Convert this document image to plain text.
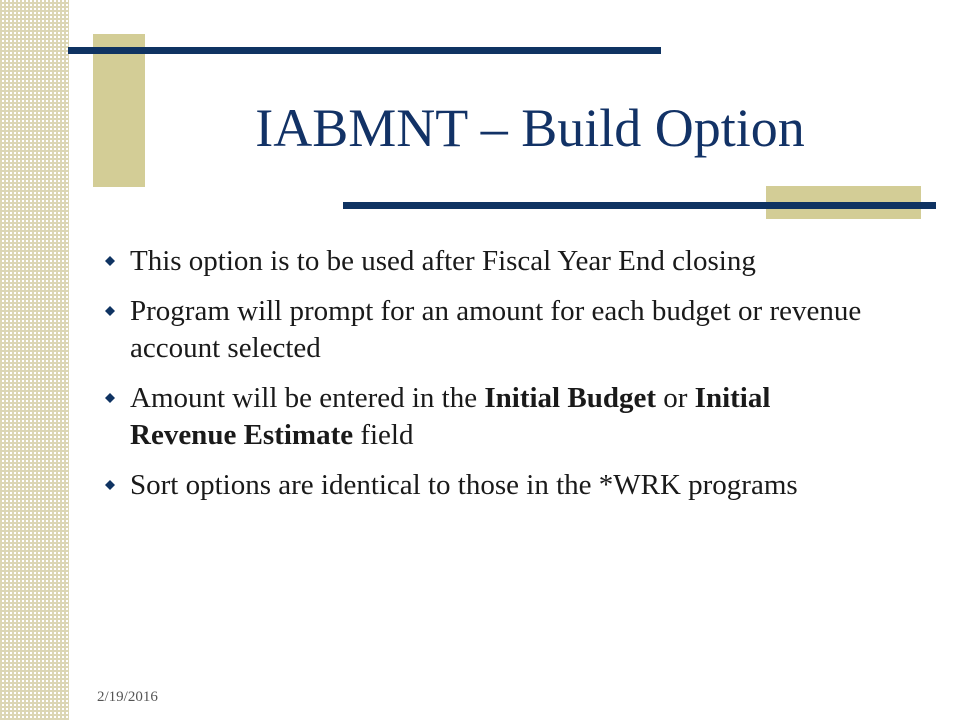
IABMNT – Build Option
This option is to be used after Fiscal Year End closing
Program will prompt for an amount for each budget or revenue account selected
Amount will be entered in the Initial Budget or Initial Revenue Estimate field
Sort options are identical to those in the *WRK programs
2/19/2016
